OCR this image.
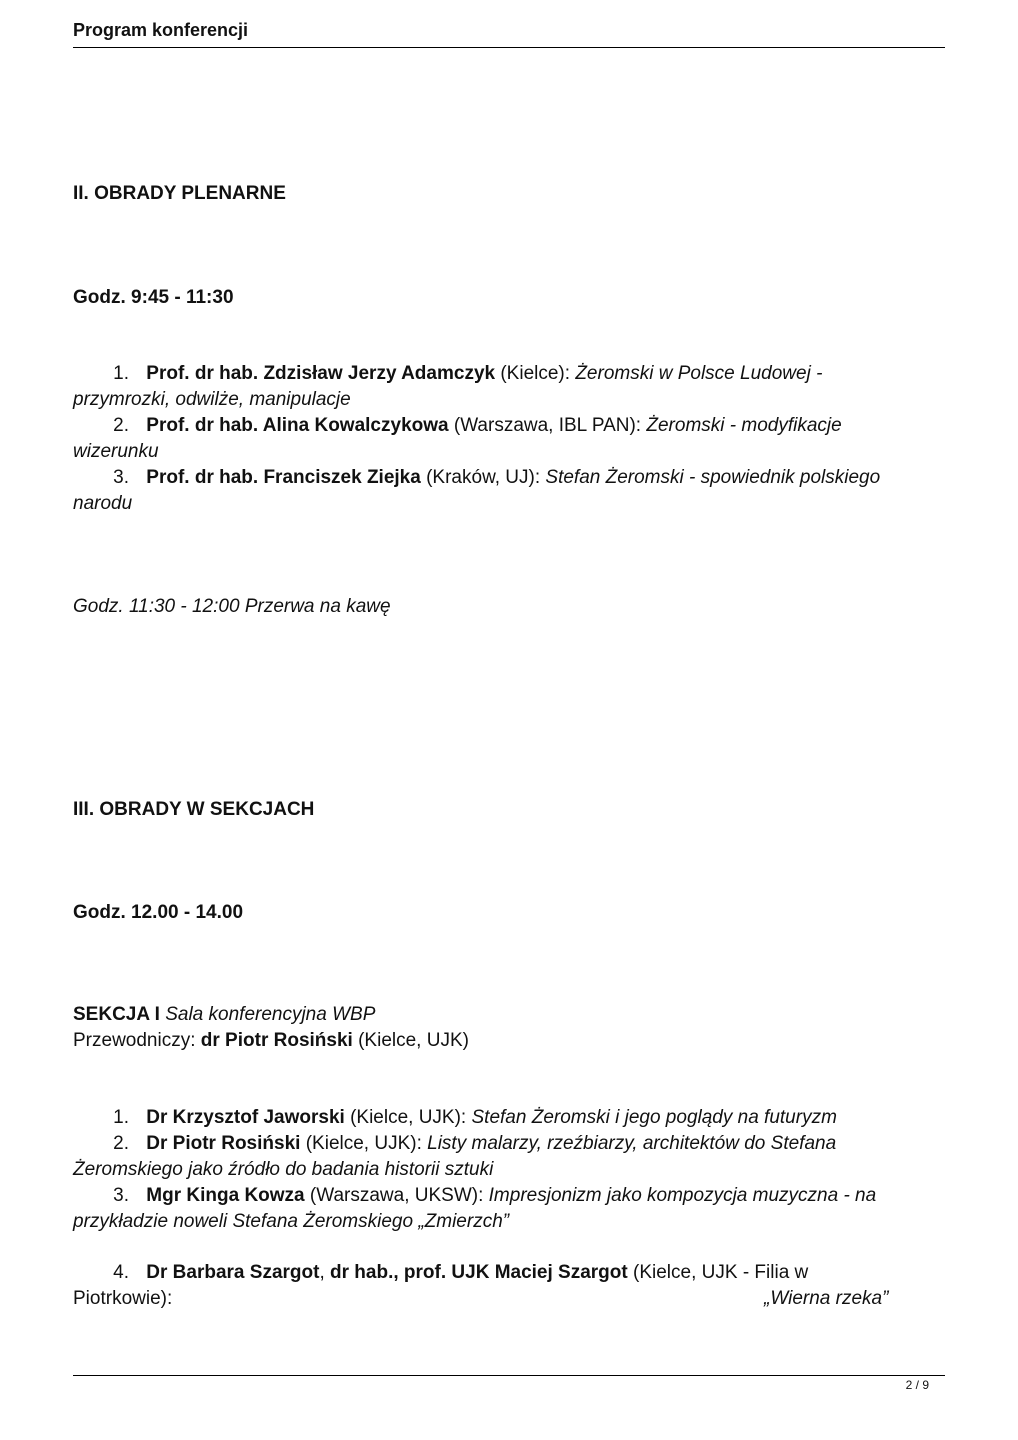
Program konferencji
II. OBRADY PLENARNE
Godz. 9:45 - 11:30
1. Prof. dr hab. Zdzisław Jerzy Adamczyk (Kielce): Żeromski w Polsce Ludowej -
przymrozki, odwilże, manipulacje
2. Prof. dr hab. Alina Kowalczykowa (Warszawa, IBL PAN): Żeromski - modyfikacje
wizerunku
3. Prof. dr hab. Franciszek Ziejka (Kraków, UJ): Stefan Żeromski - spowiednik polskiego
narodu
Godz. 11:30 - 12:00 Przerwa na kawę
III. OBRADY W SEKCJACH
Godz. 12.00 - 14.00
SEKCJA I Sala konferencyjna WBP
Przewodniczy: dr Piotr Rosiński (Kielce, UJK)
1. Dr Krzysztof Jaworski (Kielce, UJK): Stefan Żeromski i jego poglądy na futuryzm
2. Dr Piotr Rosiński (Kielce, UJK): Listy malarzy, rzeźbiarzy, architektów do Stefana
Żeromskiego jako źródło do badania historii sztuki
3. Mgr Kinga Kowza (Warszawa, UKSW): Impresjonizm jako kompozycja muzyczna - na
przykładzie noweli Stefana Żeromskiego „Zmierzch”
4. Dr Barbara Szargot, dr hab., prof. UJK Maciej Szargot (Kielce, UJK - Filia w
Piotrkowie):	„Wierna rzeka”
2 / 9
